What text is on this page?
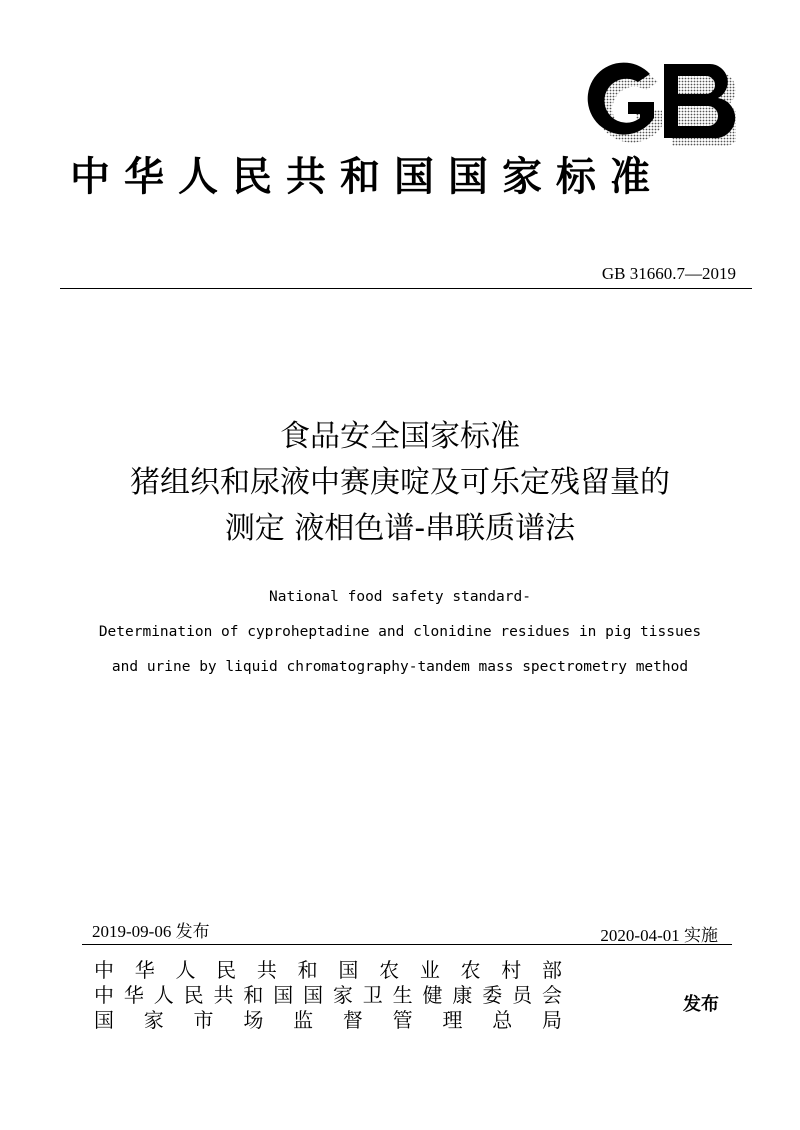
中华人民共和国国家标准
GB 31660.7—2019
食品安全国家标准
猪组织和尿液中赛庚啶及可乐定残留量的
测定 液相色谱-串联质谱法
National food safety standard-
Determination of cyproheptadine and clonidine residues in pig tissues
and urine by liquid chromatography-tandem mass spectrometry method
2019-09-06 发布	2020-04-01 实施
中华人民共和国农业农村部
中华人民共和国国家卫生健康委员会
国家市场监督管理总局
发布
